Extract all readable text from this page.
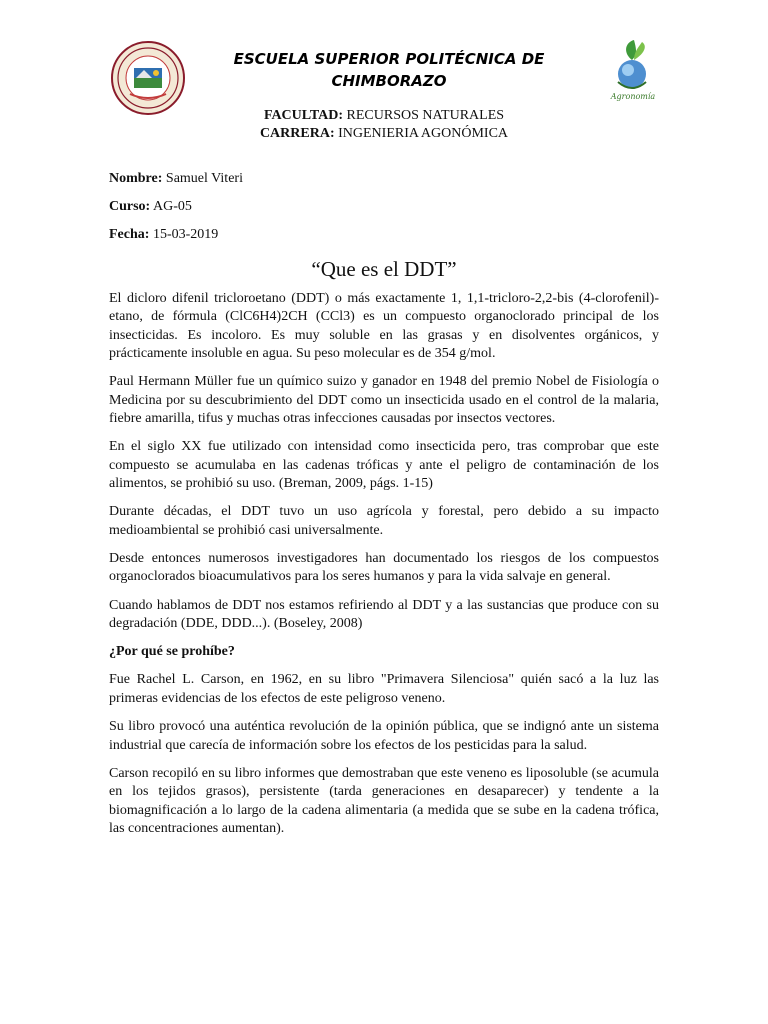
Agronomía
ESCUELA SUPERIOR POLITÉCNICA DE CHIMBORAZO
FACULTAD: RECURSOS NATURALES
CARRERA: INGENIERIA AGONÓMICA
Nombre: Samuel Viteri
Curso: AG-05
Fecha: 15-03-2019
“Que es el DDT”

El dicloro difenil tricloroetano (DDT) o más exactamente 1, 1,1-tricloro-2,2-bis (4-clorofenil)-etano, de fórmula (ClC6H4)2CH (CCl3) es un compuesto organoclorado principal de los insecticidas. Es incoloro. Es muy soluble en las grasas y en disolventes orgánicos, y prácticamente insoluble en agua. Su peso molecular es de 354 g/mol.

Paul Hermann Müller fue un químico suizo y ganador en 1948 del premio Nobel de Fisiología o Medicina por su descubrimiento del DDT como un insecticida usado en el control de la malaria, fiebre amarilla, tifus y muchas otras infecciones causadas por insectos vectores.

En el siglo XX fue utilizado con intensidad como insecticida pero, tras comprobar que este compuesto se acumulaba en las cadenas tróficas y ante el peligro de contaminación de los alimentos, se prohibió su uso. (Breman, 2009, págs. 1-15)

Durante décadas, el DDT tuvo un uso agrícola y forestal, pero debido a su impacto medioambiental se prohibió casi universalmente.

Desde entonces numerosos investigadores han documentado los riesgos de los compuestos organoclorados bioacumulativos para los seres humanos y para la vida salvaje en general.

Cuando hablamos de DDT nos estamos refiriendo al DDT y a las sustancias que produce con su degradación (DDE, DDD...). (Boseley, 2008)

¿Por qué se prohíbe?

Fue Rachel L. Carson, en 1962, en su libro "Primavera Silenciosa" quién sacó a la luz las primeras evidencias de los efectos de este peligroso veneno.

Su libro provocó una auténtica revolución de la opinión pública, que se indignó ante un sistema industrial que carecía de información sobre los efectos de los pesticidas para la salud.

Carson recopiló en su libro informes que demostraban que este veneno es liposoluble (se acumula en los tejidos grasos), persistente (tarda generaciones en desaparecer) y tendente a la biomagnificación a lo largo de la cadena alimentaria (a medida que se sube en la cadena trófica, las concentraciones aumentan).
